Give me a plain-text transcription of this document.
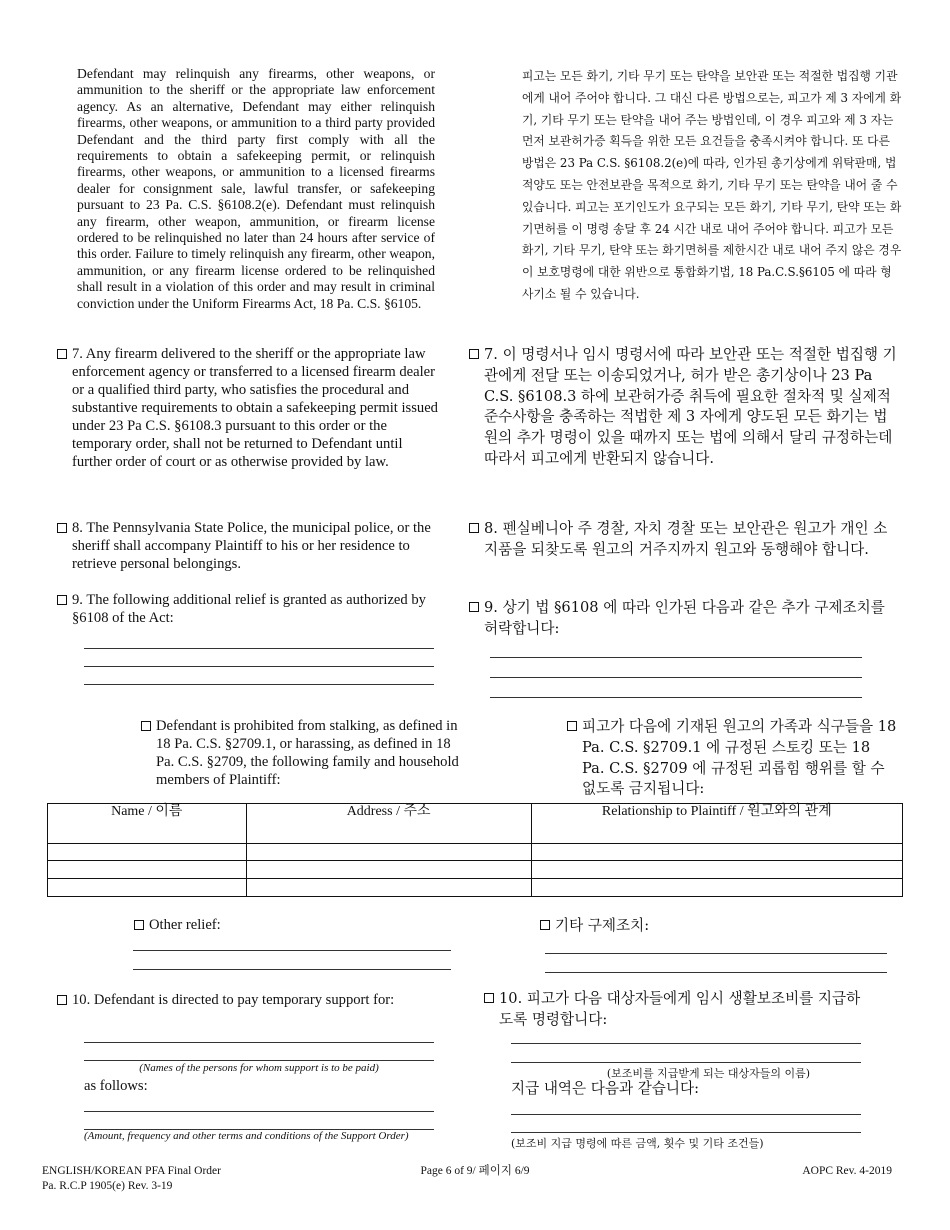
Defendant may relinquish any firearms, other weapons, or ammunition to the sheriff or the appropriate law enforcement agency. As an alternative, Defendant may either relinquish firearms, other weapons, or ammunition to a third party provided Defendant and the third party first comply with all the requirements to obtain a safekeeping permit, or relinquish firearms, other weapons, or ammunition to a licensed firearms dealer for consignment sale, lawful transfer, or safekeeping pursuant to 23 Pa. C.S. §6108.2(e). Defendant must relinquish any firearm, other weapon, ammunition, or firearm license ordered to be relinquished no later than 24 hours after service of this order. Failure to timely relinquish any firearm, other weapon, ammunition, or any firearm license ordered to be relinquished shall result in a violation of this order and may result in criminal conviction under the Uniform Firearms Act, 18 Pa. C.S. §6105.
피고는 모든 화기, 기타 무기 또는 탄약을 보안관 또는 적절한 법집행 기관에게 내어 주어야 합니다. 그 대신 다른 방법으로는, 피고가 제 3 자에게 화기, 기타 무기 또는 탄약을 내어 주는 방법인데, 이 경우 피고와 제 3 자는 먼저 보관허가증 획득을 위한 모든 요건들을 충족시켜야 합니다. 또 다른 방법은 23 Pa C.S. §6108.2(e)에 따라, 인가된 총기상에게 위탁판매, 법적양도 또는 안전보관을 목적으로 화기, 기타 무기 또는 탄약을 내어 줄 수 있습니다. 피고는 포기인도가 요구되는 모든 화기, 기타 무기, 탄약 또는 화기면허를 이 명령 송달 후 24 시간 내로 내어 주어야 합니다. 피고가 모든 화기, 기타 무기, 탄약 또는 화기면허를 제한시간 내로 내어 주지 않은 경우 이 보호명령에 대한 위반으로 통합화기법, 18 Pa.C.S.§6105 에 따라 형사기소 될 수 있습니다.
7. Any firearm delivered to the sheriff or the appropriate law enforcement agency or transferred to a licensed firearm dealer or a qualified third party, who satisfies the procedural and substantive requirements to obtain a safekeeping permit issued under 23 Pa C.S. §6108.3 pursuant to this order or the temporary order, shall not be returned to Defendant until further order of court or as otherwise provided by law.
7. 이 명령서나 임시 명령서에 따라 보안관 또는 적절한 법집행 기관에게 전달 또는 이송되었거나, 허가 받은 총기상이나 23 Pa C.S. §6108.3 하에 보관허가증 취득에 필요한 절차적 및 실제적 준수사항을 충족하는 적법한 제 3 자에게 양도된 모든 화기는 법원의 추가 명령이 있을 때까지 또는 법에 의해서 달리 규정하는데 따라서 피고에게 반환되지 않습니다.
8. The Pennsylvania State Police, the municipal police, or the sheriff shall accompany Plaintiff to his or her residence to retrieve personal belongings.
8. 펜실베니아 주 경찰, 자치 경찰 또는 보안관은 원고가 개인 소지품을 되찾도록 원고의 거주지까지 원고와 동행해야 합니다.
9. The following additional relief is granted as authorized by §6108 of the Act:
9. 상기 법 §6108 에 따라 인가된 다음과 같은 추가 구제조치를 허락합니다:
Defendant is prohibited from stalking, as defined in 18 Pa. C.S. §2709.1, or harassing, as defined in 18 Pa. C.S. §2709, the following family and household members of Plaintiff:
피고가 다음에 기재된 원고의 가족과 식구들을 18 Pa. C.S. §2709.1 에 규정된 스토킹 또는 18 Pa. C.S. §2709 에 규정된 괴롭힘 행위를 할 수 없도록 금지됩니다:
Name / 이름	Address / 주소	Relationship to Plaintiff / 원고와의 관계

Other relief:	기타 구제조치:
10. Defendant is directed to pay temporary support for:	10. 피고가 다음 대상자들에게 임시 생활보조비를 지급하도록 명령합니다:
(Names of the persons for whom support is to be paid)
as follows:
(Amount, frequency and other terms and conditions of the Support Order)
(보조비를 지급받게 되는 대상자들의 이름)
지급 내역은 다음과 같습니다:
(보조비 지급 명령에 따른 금액, 횟수 및 기타 조건들)
ENGLISH/KOREAN PFA Final Order
Pa. R.C.P 1905(e) Rev. 3-19
Page 6 of 9/ 페이지 6/9	AOPC Rev. 4-2019
